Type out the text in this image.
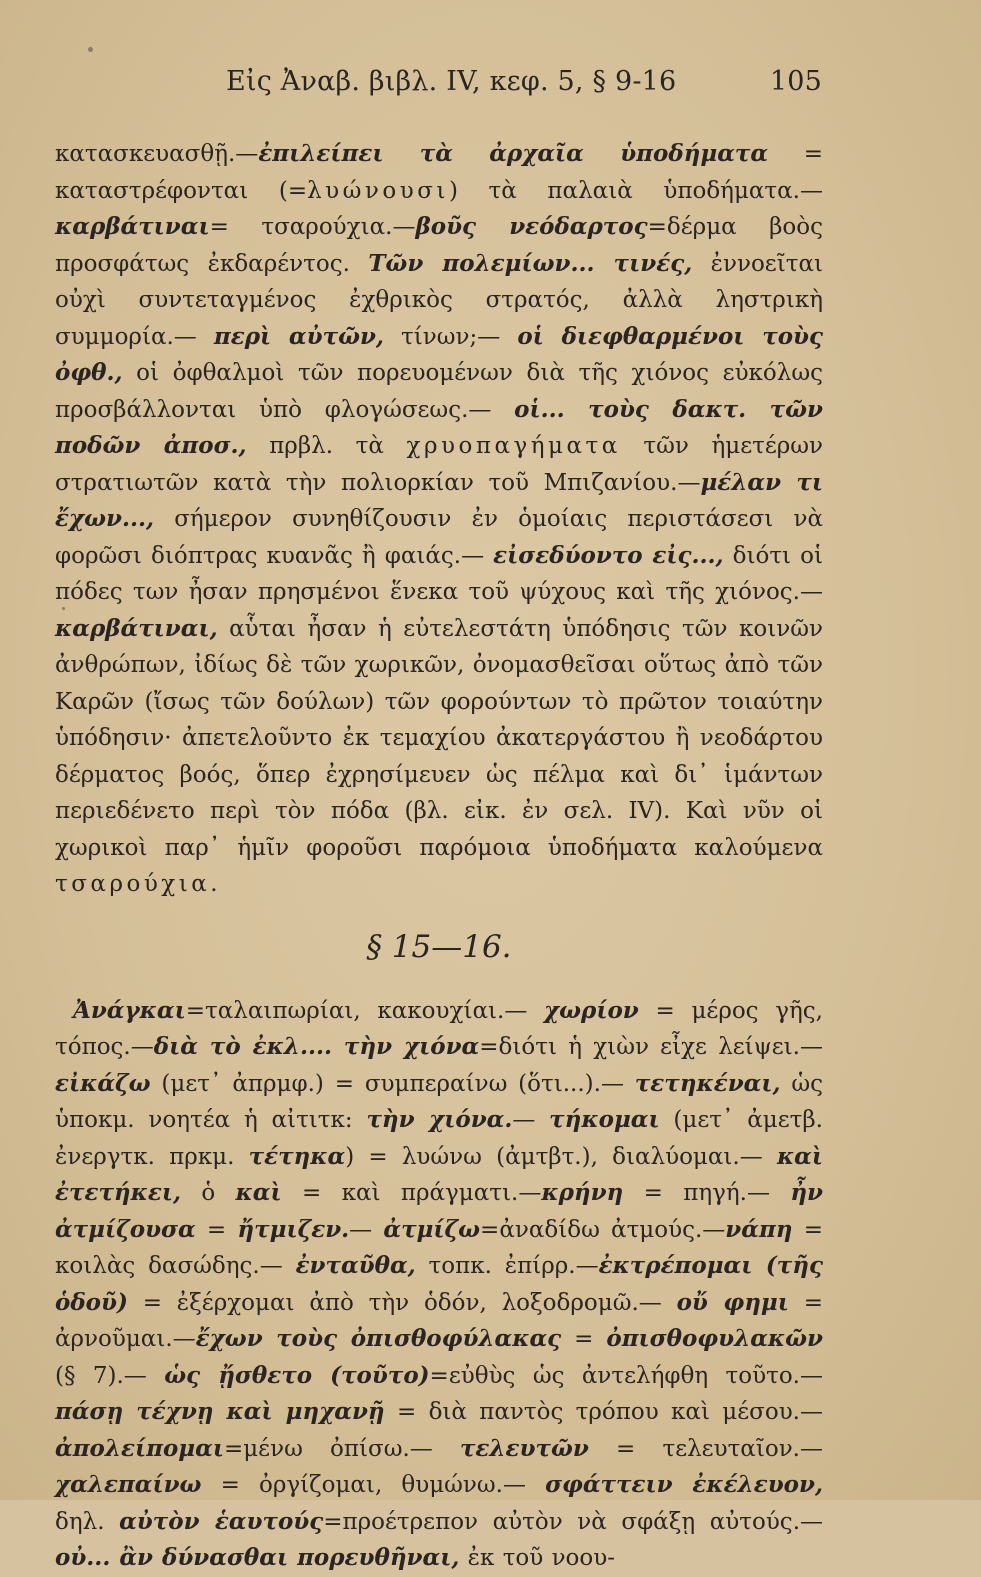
Εἰς Ἀναβ. βιβλ. IV, κεφ. 5, § 9-16	105

κατασκευασθῇ.—ἐπιλείπει τὰ ἀρχαῖα ὑποδήματα = καταστρέφονται (=λυώνουσι) τὰ παλαιὰ ὑποδήματα.— καρβάτιναι= τσαρούχια.—βοῦς νεόδαρτος=δέρμα βοὸς προσφάτως ἐκδαρέντος. Τῶν πολεμίων... τινές, ἐννοεῖται οὐχὶ συντεταγμένος ἐχθρικὸς στρατός, ἀλλὰ ληστρικὴ συμμορία.— περὶ αὐτῶν, τίνων;— οἱ διεφθαρμένοι τοὺς ὀφθ., οἱ ὀφθαλμοὶ τῶν πορευομένων διὰ τῆς χιόνος εὐκόλως προσβάλλονται ὑπὸ φλογώσεως.— οἱ... τοὺς δακτ. τῶν ποδῶν ἀποσ., πρβλ. τὰ χρυοπαγήματα τῶν ἡμετέρων στρατιωτῶν κατὰ τὴν πολιορκίαν τοῦ Μπιζανίου.—μέλαν τι ἔχων..., σήμερον συνηθίζουσιν ἐν ὁμοίαις περιστάσεσι νὰ φορῶσι διόπτρας κυανᾶς ἢ φαιάς.— εἰσεδύοντο εἰς..., διότι οἱ πόδες των ἦσαν πρησμένοι ἕνεκα τοῦ ψύχους καὶ τῆς χιόνος.— καρβάτιναι, αὗται ἦσαν ἡ εὐτελεστάτη ὑπόδησις τῶν κοινῶν ἀνθρώπων, ἰδίως δὲ τῶν χωρικῶν, ὀνομασθεῖσαι οὕτως ἀπὸ τῶν Καρῶν (ἴσως τῶν δούλων) τῶν φορούντων τὸ πρῶτον τοιαύτην ὑπόδησιν· ἀπετελοῦντο ἐκ τεμαχίου ἀκατεργάστου ἢ νεοδάρτου δέρματος βοός, ὅπερ ἐχρησίμευεν ὡς πέλμα καὶ δι᾽ ἱμάντων περιεδένετο περὶ τὸν πόδα (βλ. εἰκ. ἐν σελ. IV). Καὶ νῦν οἱ χωρικοὶ παρ᾽ ἡμῖν φοροῦσι παρόμοια ὑποδήματα καλούμενα τσαρούχια.

§ 15—16.

Ἀνάγκαι=ταλαιπωρίαι, κακουχίαι.— χωρίον = μέρος γῆς, τόπος.—διὰ τὸ ἐκλ.... τὴν χιόνα=διότι ἡ χιὼν εἶχε λείψει.— εἰκάζω (μετ᾽ ἀπρμφ.) = συμπεραίνω (ὅτι...).— τετηκέναι, ὡς ὑποκμ. νοητέα ἡ αἰτιτκ: τὴν χιόνα.— τήκομαι (μετ᾽ ἀμετβ. ἐνεργτκ. πρκμ. τέτηκα) = λυώνω (ἀμτβτ.), διαλύομαι.— καὶ ἐτετήκει, ὁ καὶ = καὶ πράγματι.—κρήνη = πηγή.— ἦν ἀτμίζουσα = ἤτμιζεν.— ἀτμίζω=ἀναδίδω ἀτμούς.—νάπη = κοιλὰς δασώδης.— ἐνταῦθα, τοπκ. ἐπίρρ.—ἐκτρέπομαι (τῆς ὁδοῦ) = ἐξέρχομαι ἀπὸ τὴν ὁδόν, λοξοδρομῶ.— οὔ φημι = ἀρνοῦμαι.—ἔχων τοὺς ὀπισθοφύλακας = ὀπισθοφυλακῶν (§ 7).— ὡς ᾔσθετο (τοῦτο)=εὐθὺς ὡς ἀντελήφθη τοῦτο.—πάσῃ τέχνῃ καὶ μηχανῇ = διὰ παντὸς τρόπου καὶ μέσου.—ἀπολείπομαι=μένω ὀπίσω.— τελευτῶν = τελευταῖον.— χαλεπαίνω = ὀργίζομαι, θυμώνω.— σφάττειν ἐκέλευον, δηλ. αὐτὸν ἑαυτούς=προέτρεπον αὐτὸν νὰ σφάξῃ αὐτούς.— οὐ... ἂν δύνασθαι πορευθῆναι, ἐκ τοῦ νοου-
